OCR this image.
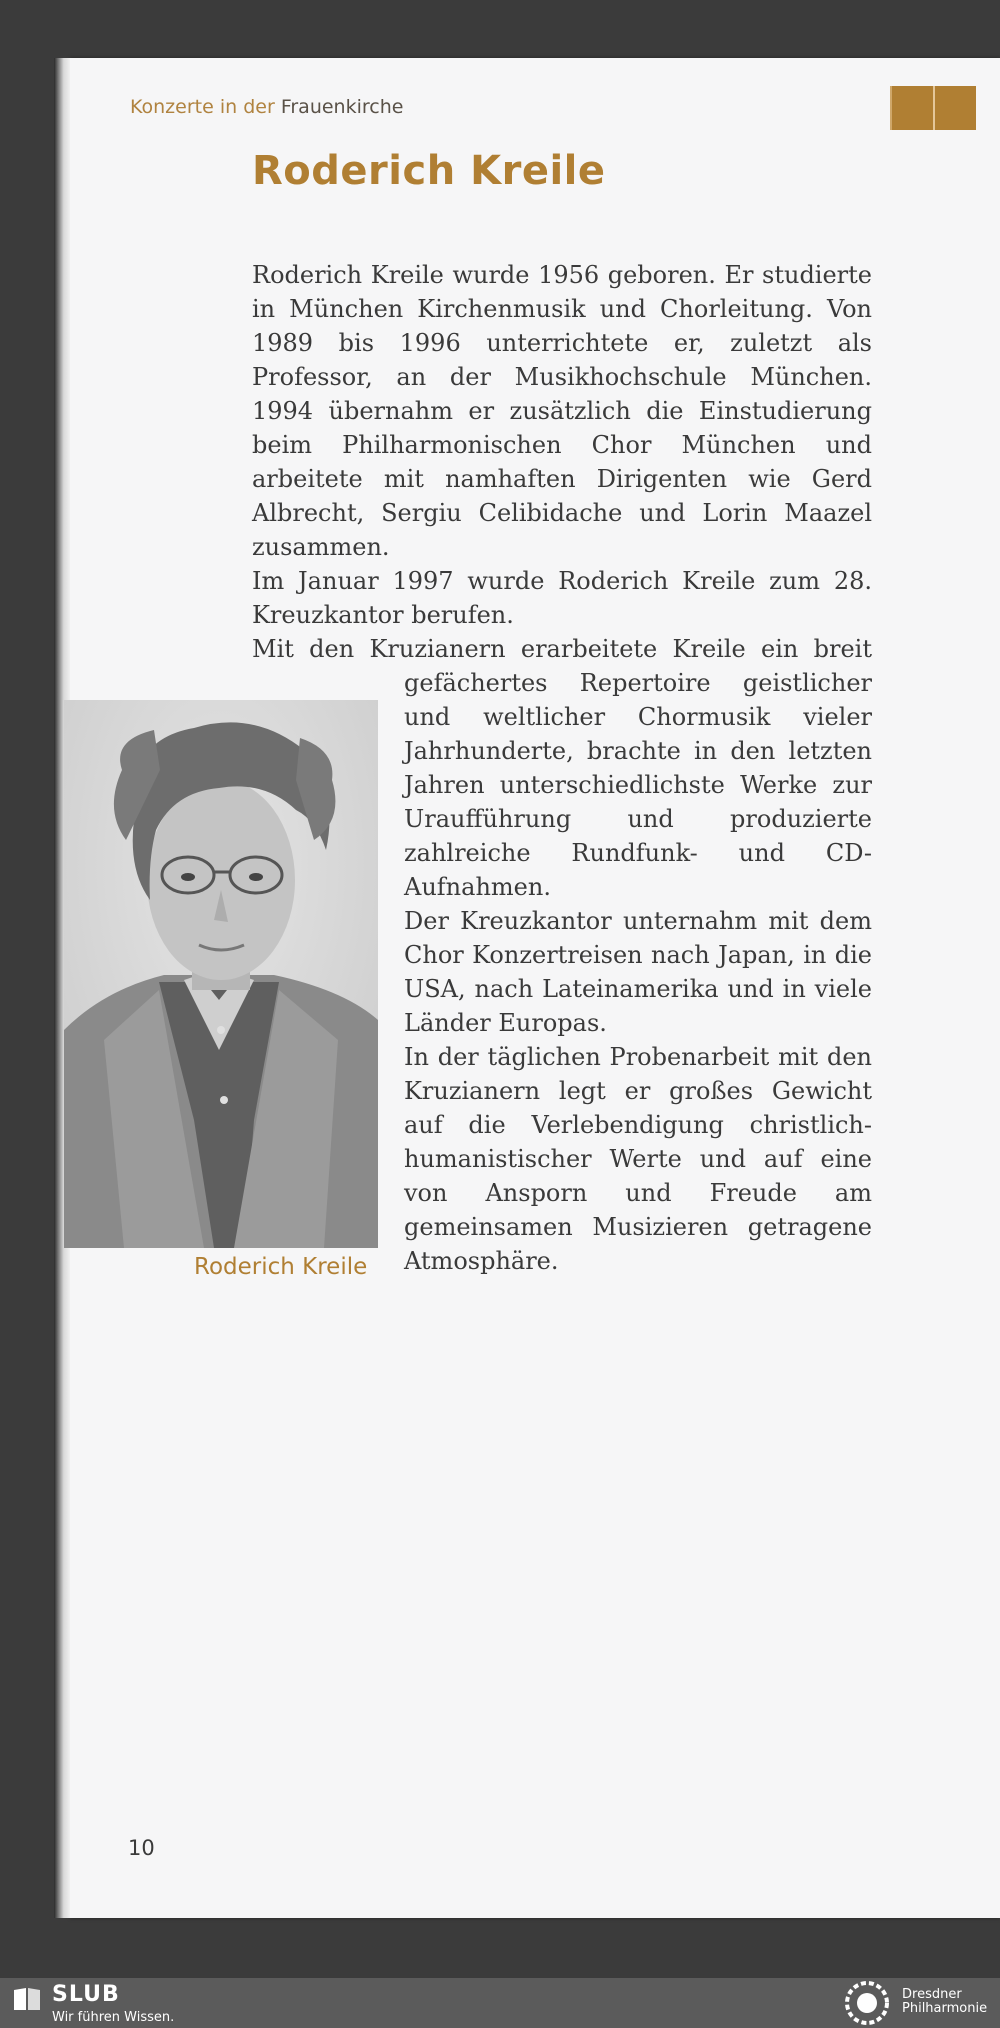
Konzerte in der Frauenkirche
Roderich Kreile
Roderich Kreile
10
SLUB
Wir führen Wissen.
Dresdner Philharmonie

Roderich Kreile wurde 1956 geboren. Er studierte in München Kirchenmusik und Chorleitung. Von 1989 bis 1996 unterrichtete er, zuletzt als Professor, an der Musikhochschule München. 1994 übernahm er zusätzlich die Einstudierung beim Philharmonischen Chor München und arbeitete mit namhaften Dirigenten wie Gerd Albrecht, Sergiu Celibidache und Lorin Maazel zusammen.

Im Januar 1997 wurde Roderich Kreile zum 28. Kreuzkantor berufen.

Mit den Kruzianern erarbeitete Kreile ein breit gefächertes Repertoire geistlicher und weltlicher Chormusik vieler Jahrhunderte, brachte in den letzten Jahren unterschiedlichste Werke zur Uraufführung und produzierte zahlreiche Rundfunk- und CD-Aufnahmen.

Der Kreuzkantor unternahm mit dem Chor Konzertreisen nach Japan, in die USA, nach Lateinamerika und in viele Länder Europas.

In der täglichen Probenarbeit mit den Kruzianern legt er großes Gewicht auf die Verlebendigung christlich-humanistischer Werte und auf eine von Ansporn und Freude am gemeinsamen Musizieren getragene Atmosphäre.
